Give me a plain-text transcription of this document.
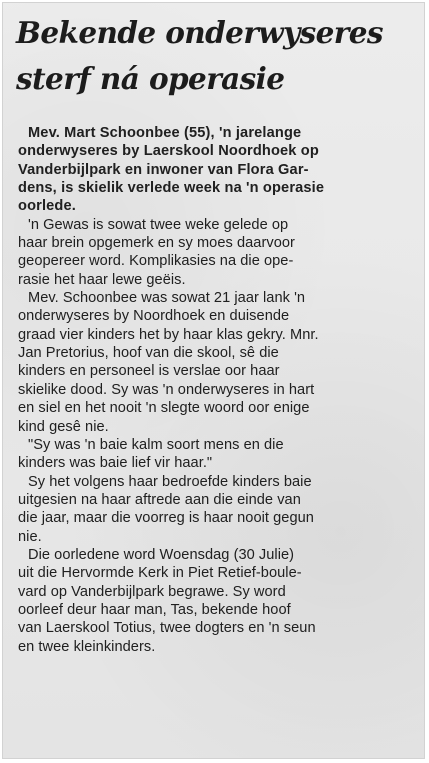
Bekende onderwyseres
sterf ná operasie
Mev. Mart Schoonbee (55), 'n jarelange
onderwyseres by Laerskool Noordhoek op
Vanderbijlpark en inwoner van Flora Gar-
dens, is skielik verlede week na 'n operasie
oorlede.
'n Gewas is sowat twee weke gelede op
haar brein opgemerk en sy moes daarvoor
geopereer word. Komplikasies na die ope-
rasie het haar lewe geëis.
Mev. Schoonbee was sowat 21 jaar lank 'n
onderwyseres by Noordhoek en duisende
graad vier kinders het by haar klas gekry. Mnr.
Jan Pretorius, hoof van die skool, sê die
kinders en personeel is verslae oor haar
skielike dood. Sy was 'n onderwyseres in hart
en siel en het nooit 'n slegte woord oor enige
kind gesê nie.
"Sy was 'n baie kalm soort mens en die
kinders was baie lief vir haar."
Sy het volgens haar bedroefde kinders baie
uitgesien na haar aftrede aan die einde van
die jaar, maar die voorreg is haar nooit gegun
nie.
Die oorledene word Woensdag (30 Julie)
uit die Hervormde Kerk in Piet Retief-boule-
vard op Vanderbijlpark begrawe. Sy word
oorleef deur haar man, Tas, bekende hoof
van Laerskool Totius, twee dogters en 'n seun
en twee kleinkinders.
